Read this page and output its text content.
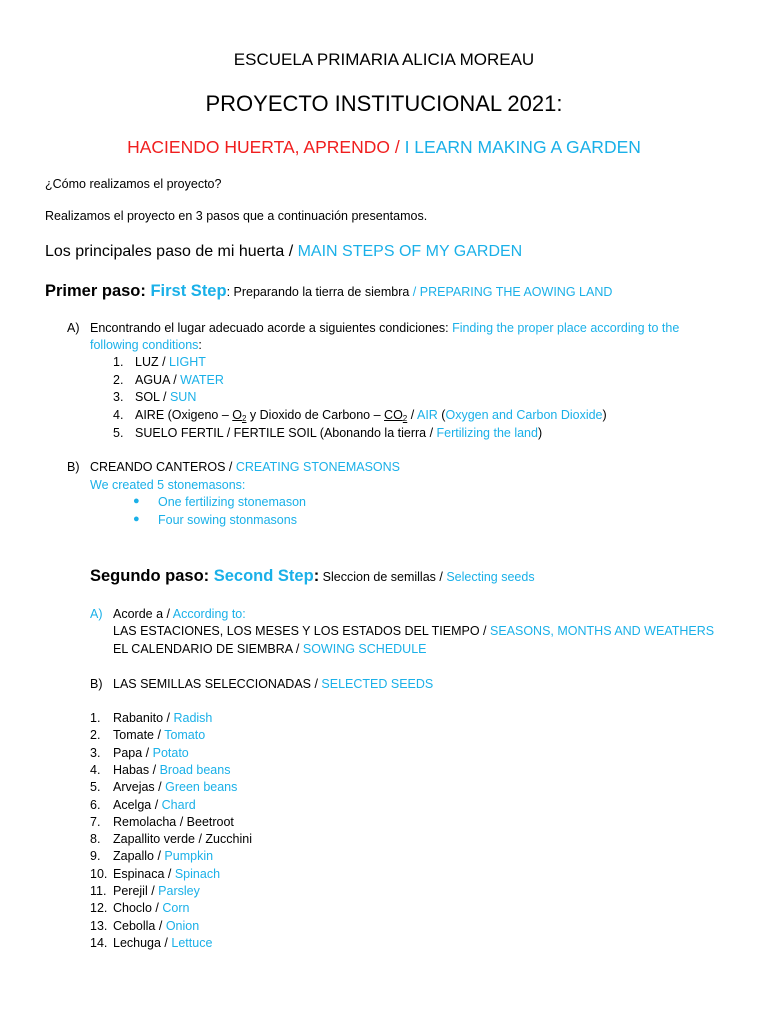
ESCUELA PRIMARIA ALICIA MOREAU
PROYECTO INSTITUCIONAL 2021:
HACIENDO HUERTA, APRENDO / I LEARN MAKING A GARDEN
¿Cómo realizamos el proyecto?
Realizamos el proyecto en 3 pasos que a continuación presentamos.
Los principales paso de mi huerta / MAIN STEPS OF MY GARDEN
Primer paso: First Step: Preparando la tierra de siembra / PREPARING THE AOWING LAND
A) Encontrando el lugar adecuado acorde a siguientes condiciones: Finding the proper place according to the
following conditions:
1. LUZ / LIGHT
2. AGUA / WATER
3. SOL / SUN
4. AIRE (Oxigeno – $O_2$ y Dioxido de Carbono – $CO_2$ / AIR (Oxygen and Carbon Dioxide)
5. SUELO FERTIL / FERTILE SOIL (Abonando la tierra / Fertilizing the land)
B) CREANDO CANTEROS / CREATING STONEMASONS
We created 5 stonemasons:
● One fertilizing stonemason
● Four sowing stonmasons
Segundo paso: Second Step: Sleccion de semillas / Selecting seeds
A) Acorde a / According to:
LAS ESTACIONES, LOS MESES Y LOS ESTADOS DEL TIEMPO / SEASONS, MONTHS AND WEATHERS
EL CALENDARIO DE SIEMBRA / SOWING SCHEDULE
B) LAS SEMILLAS SELECCIONADAS / SELECTED SEEDS
1. Rabanito / Radish
2. Tomate / Tomato
3. Papa / Potato
4. Habas / Broad beans
5. Arvejas / Green beans
6. Acelga / Chard
7. Remolacha / Beetroot
8. Zapallito verde / Zucchini
9. Zapallo / Pumpkin
10. Espinaca / Spinach
11. Perejil / Parsley
12. Choclo / Corn
13. Cebolla / Onion
14. Lechuga / Lettuce
